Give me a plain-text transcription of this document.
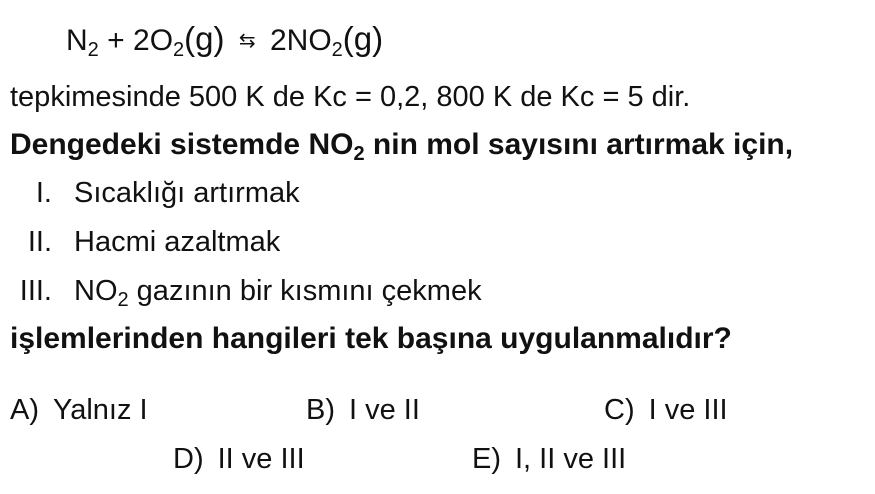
$N_2 + 2O_2(g)$ ⇆ $2NO_2(g)$
tepkimesinde 500 K de Kc = 0,2, 800 K de Kc = 5 dir.
Dengedeki sistemde $NO_2$ nin mol sayısını artırmak için,
I. Sıcaklığı artırmak
II. Hacmi azaltmak
III. $NO_2$ gazının bir kısmını çekmek
işlemlerinden hangileri tek başına uygulanmalıdır?
A) Yalnız I	B) I ve II	C) I ve III
D) II ve III	E) I, II ve III
